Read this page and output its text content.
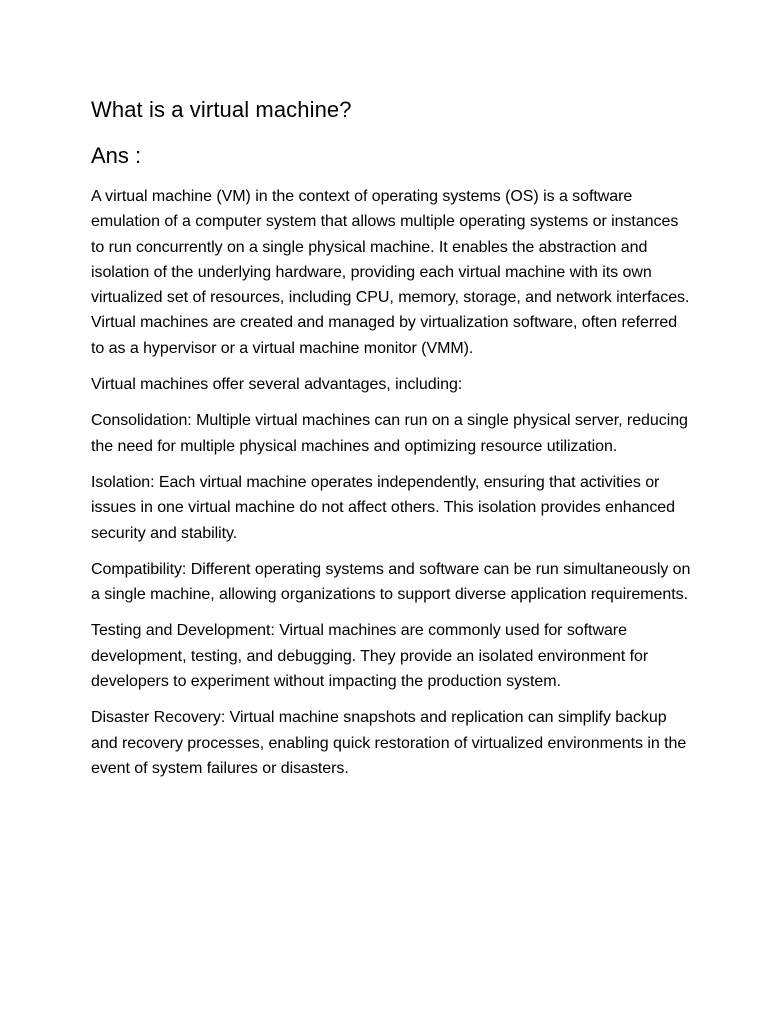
What is a virtual machine?
Ans :

A virtual machine (VM) in the context of operating systems (OS) is a software emulation of a computer system that allows multiple operating systems or instances to run concurrently on a single physical machine. It enables the abstraction and isolation of the underlying hardware, providing each virtual machine with its own virtualized set of resources, including CPU, memory, storage, and network interfaces. Virtual machines are created and managed by virtualization software, often referred to as a hypervisor or a virtual machine monitor (VMM).

Virtual machines offer several advantages, including:

Consolidation: Multiple virtual machines can run on a single physical server, reducing the need for multiple physical machines and optimizing resource utilization.

Isolation: Each virtual machine operates independently, ensuring that activities or issues in one virtual machine do not affect others. This isolation provides enhanced security and stability.

Compatibility: Different operating systems and software can be run simultaneously on a single machine, allowing organizations to support diverse application requirements.

Testing and Development: Virtual machines are commonly used for software development, testing, and debugging. They provide an isolated environment for developers to experiment without impacting the production system.

Disaster Recovery: Virtual machine snapshots and replication can simplify backup and recovery processes, enabling quick restoration of virtualized environments in the event of system failures or disasters.
